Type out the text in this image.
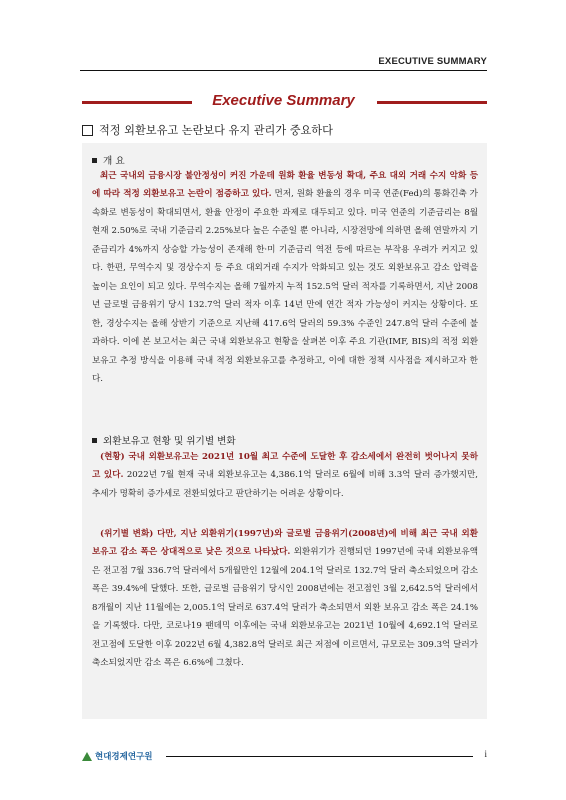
EXECUTIVE SUMMARY
Executive Summary
적정 외환보유고 논란보다 유지 관리가 중요하다
개 요

최근 국내외 금융시장 불안정성이 커진 가운데 원화 환율 변동성 확대, 주요 대외 거래 수지 악화 등에 따라 적정 외환보유고 논란이 점증하고 있다. 먼저, 원화 환율의 경우 미국 연준(Fed)의 통화긴축 가속화로 변동성이 확대되면서, 환율 안정이 주요한 과제로 대두되고 있다. 미국 연준의 기준금리는 8월 현재 2.50%로 국내 기준금리 2.25%보다 높은 수준일 뿐 아니라, 시장전망에 의하면 올해 연말까지 기준금리가 4%까지 상승할 가능성이 존재해 한·미 기준금리 역전 등에 따르는 부작용 우려가 커지고 있다. 한편, 무역수지 및 경상수지 등 주요 대외거래 수지가 악화되고 있는 것도 외환보유고 감소 압력을 높이는 요인이 되고 있다. 무역수지는 올해 7월까지 누적 152.5억 달러 적자를 기록하면서, 지난 2008년 글로벌 금융위기 당시 132.7억 달러 적자 이후 14년 만에 연간 적자 가능성이 커지는 상황이다. 또한, 경상수지는 올해 상반기 기준으로 지난해 417.6억 달러의 59.3% 수준인 247.8억 달러 수준에 불과하다. 이에 본 보고서는 최근 국내 외환보유고 현황을 살펴본 이후 주요 기관(IMF, BIS)의 적정 외환보유고 추정 방식을 이용해 국내 적정 외환보유고를 추정하고, 이에 대한 정책 시사점을 제시하고자 한다.

외환보유고 현황 및 위기별 변화

(현황) 국내 외환보유고는 2021년 10월 최고 수준에 도달한 후 감소세에서 완전히 벗어나지 못하고 있다. 2022년 7월 현재 국내 외환보유고는 4,386.1억 달러로 6월에 비해 3.3억 달러 증가했지만, 추세가 명확히 증가세로 전환되었다고 판단하기는 어려운 상황이다.

(위기별 변화) 다만, 지난 외환위기(1997년)와 글로벌 금융위기(2008년)에 비해 최근 국내 외환보유고 감소 폭은 상대적으로 낮은 것으로 나타났다. 외환위기가 진행되던 1997년에 국내 외환보유액은 전고점 7월 336.7억 달러에서 5개월만인 12월에 204.1억 달러로 132.7억 달러 축소되었으며 감소 폭은 39.4%에 달했다. 또한, 글로벌 금융위기 당시인 2008년에는 전고점인 3월 2,642.5억 달러에서 8개월이 지난 11월에는 2,005.1억 달러로 637.4억 달러가 축소되면서 외환 보유고 감소 폭은 24.1%을 기록했다. 다만, 코로나19 팬데믹 이후에는 국내 외환보유고는 2021년 10월에 4,692.1억 달러로 전고점에 도달한 이후 2022년 6월 4,382.8억 달러로 최근 저점에 이르면서, 규모로는 309.3억 달러가 축소되었지만 감소 폭은 6.6%에 그쳤다.

현대경제연구원	i
